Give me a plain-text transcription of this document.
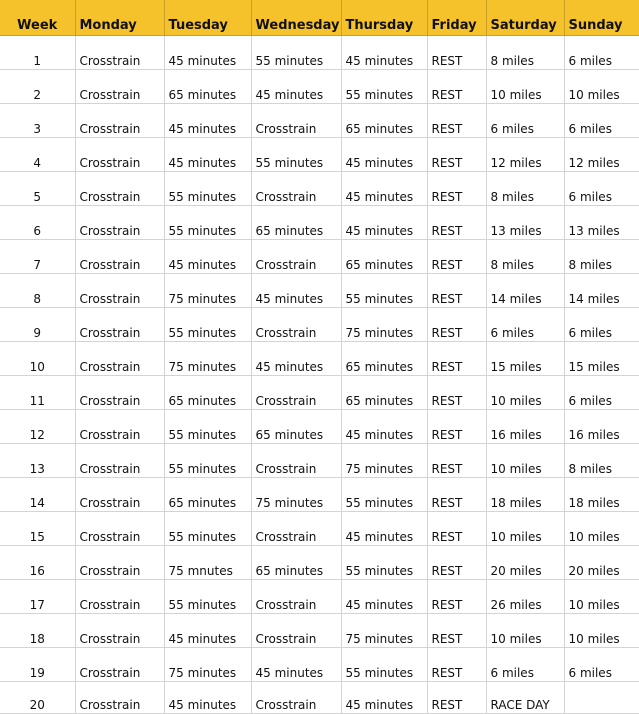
Week	Monday	Tuesday	Wednesday	Thursday	Friday	Saturday	Sunday
1	Crosstrain	45 minutes	55 minutes	45 minutes	REST	8 miles	6 miles
2	Crosstrain	65 minutes	45 minutes	55 minutes	REST	10 miles	10 miles
3	Crosstrain	45 minutes	Crosstrain	65 minutes	REST	6 miles	6 miles
4	Crosstrain	45 minutes	55 minutes	45 minutes	REST	12 miles	12 miles
5	Crosstrain	55 minutes	Crosstrain	45 minutes	REST	8 miles	6 miles
6	Crosstrain	55 minutes	65 minutes	45 minutes	REST	13 miles	13 miles
7	Crosstrain	45 minutes	Crosstrain	65 minutes	REST	8 miles	8 miles
8	Crosstrain	75 minutes	45 minutes	55 minutes	REST	14 miles	14 miles
9	Crosstrain	55 minutes	Crosstrain	75 minutes	REST	6 miles	6 miles
10	Crosstrain	75 minutes	45 minutes	65 minutes	REST	15 miles	15 miles
11	Crosstrain	65 minutes	Crosstrain	65 minutes	REST	10 miles	6 miles
12	Crosstrain	55 minutes	65 minutes	45 minutes	REST	16 miles	16 miles
13	Crosstrain	55 minutes	Crosstrain	75 minutes	REST	10 miles	8 miles
14	Crosstrain	65 minutes	75 minutes	55 minutes	REST	18 miles	18 miles
15	Crosstrain	55 minutes	Crosstrain	45 minutes	REST	10 miles	10 miles
16	Crosstrain	75 mnutes	65 minutes	55 minutes	REST	20 miles	20 miles
17	Crosstrain	55 minutes	Crosstrain	45 minutes	REST	26 miles	10 miles
18	Crosstrain	45 minutes	Crosstrain	75 minutes	REST	10 miles	10 miles
19	Crosstrain	75 minutes	45 minutes	55 minutes	REST	6 miles	6 miles
20	Crosstrain	45 minutes	Crosstrain	45 minutes	REST	RACE DAY	
